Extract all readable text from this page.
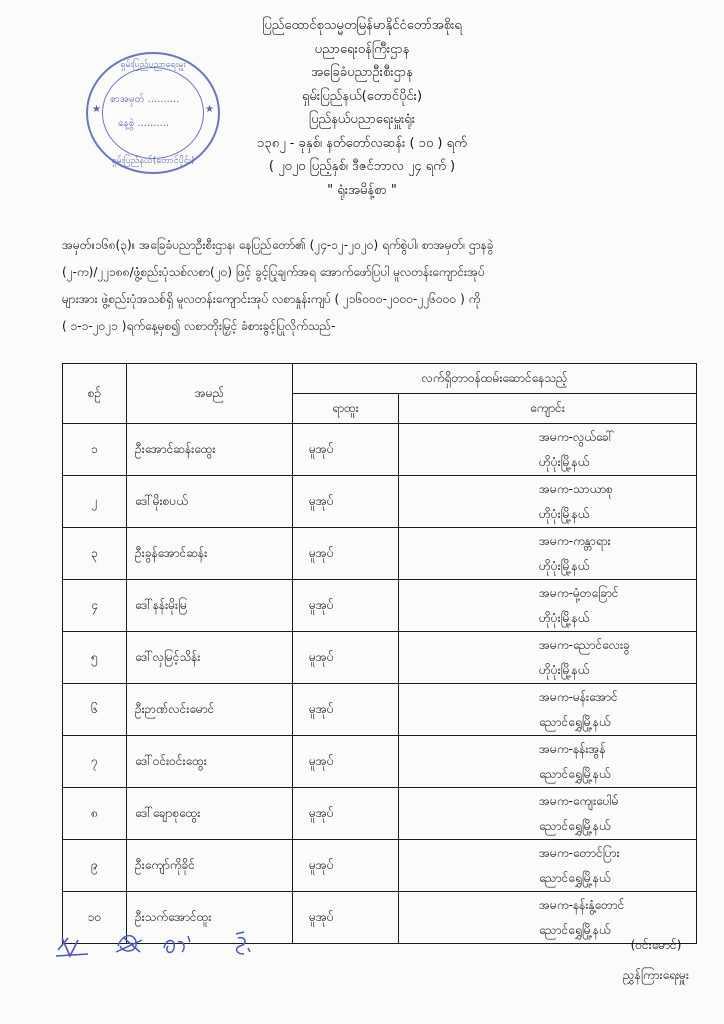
ပြည်ထောင်စုသမ္မတမြန်မာနိုင်ငံတော်အစိုးရ
ပညာရေးဝန်ကြီးဌာန
အခြေခံပညာဦးစီးဌာန
ရှမ်းပြည်နယ်(တောင်ပိုင်း)
ပြည်နယ်ပညာရေးမှူးရုံး
၁၃၈၂ - ခုနှစ်၊ နတ်တော်လဆန်း ( ၁၀ ) ရက်
( ၂၀၂၀ ပြည့်နှစ်၊ ဒီဇင်ဘာလ ၂၄ ရက် )
" ရုံးအမိန့်စာ "
ရှမ်းပြည်ပညာရေးမှူး
★	★
စာအမှတ် ..........
နေ့စွဲ ..........
ရှမ်းပြည်နယ်(တောင်ပိုင်း)
အမှတ်။၁၆၈(၃)။ အခြေခံပညာဦးစီးဌာန၊ နေပြည်တော်၏ (၂၄-၁၂-၂၀၂၀) ရက်စွဲပါ၊ စာအမှတ်၊ ဌာနခွဲ
(၂-က)/၂၂၁၈၈/ဖွံ့စည်းပုံသစ်လစာ(၂၀) ဖြင့် ခွင့်ပြုချက်အရ အောက်ဖော်ပြပါ မူလတန်းကျောင်းအုပ်
များအား ဖွဲ့စည်းပုံအသစ်ရှိ မူလတန်းကျောင်းအုပ် လစာနှုန်းကျပ် ( ၂၁၆၀၀၀-၂၀၀၀-၂၂၆၀၀၀ ) ကို
( ၁-၁-၂၀၂၁ )ရက်နေ့မှစ၍ လစာတိုးမြှင့် ခံစားခွင့်ပြုလိုက်သည်-
စဉ်	အမည်	လက်ရှိတာဝန်ထမ်းဆောင်နေသည့်	
		ရာထူး	ကျောင်း
၁	ဦးအောင်ဆန်းထွေး	မူအုပ်	အမက-လွယ်ခေါ်
ဟိုပုံးမြို့နယ်

၂	ဒေါ်မိုးစပယ်	မူအုပ်	အမက-သာယာစု
ဟိုပုံးမြို့နယ်

၃	ဦးခွန်အောင်ဆန်း	မူအုပ်	အမက-ကန္တာရား
ဟိုပုံးမြို့နယ်

၄	ဒေါ်နန်းမိုးမြ	မူအုပ်	အမက-မုံ့တခြောင်
ဟိုပုံးမြို့နယ်

၅	ဒေါ်လှမြင့်သိန်း	မူအုပ်	အမက-ညောင်လေးခွ
ဟိုပုံးမြို့နယ်

၆	ဦးဉာဏ်လင်းမောင်	မူအုပ်	အမက-မန်းအောင်
ညောင်ရွှေမြို့နယ်

၇	ဒေါ်ဝင်းဝင်းထွေး	မူအုပ်	အမက-နန်းအွန်
ညောင်ရွှေမြို့နယ်

၈	ဒေါ်ချောစုထွေး	မူအုပ်	အမက-ကျေးပေါမ်
ညောင်ရွှေမြို့နယ်

၉	ဦးကျော်ကိုခိုင်	မူအုပ်	အမက-တောင်ပြား
ညောင်ရွှေမြို့နယ်

၁၀	ဦးသက်အောင်ထူး	မူအုပ်	အမက-နန်းနွံ့တောင်
ညောင်ရွှေမြို့နယ်
(ဝင်းမောင်)
ညွှန်ကြားရေးမှူး
